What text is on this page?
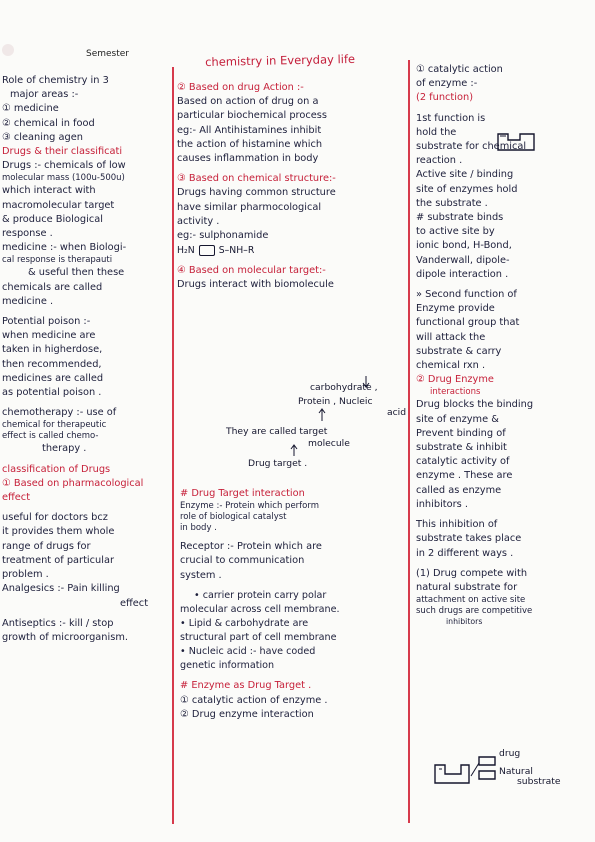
Semester	chemistry in Everyday life
Role of chemistry in 3
major areas :-
① medicine
② chemical in food
③ cleaning agen
Drugs & their classificati
Drugs :- chemicals of low
molecular mass (100u-500u)
which interact with
macromolecular target
& produce Biological
response .
medicine :- when Biologi-
cal response is therapauti
& useful then these
chemicals are called
medicine .
Potential poison :-
when medicine are
taken in higherdose,
then recommended,
medicines are called
as potential poison .
chemotherapy :- use of
chemical for therapeutic
effect is called chemo-
therapy .
classification of Drugs
① Based on pharmacological
effect
useful for doctors bcz
it provides them whole
range of drugs for
treatment of particular
problem .
Analgesics :- Pain killing
effect
Antiseptics :- kill / stop
growth of microorganism.
② Based on drug Action :-
Based on action of drug on a
particular biochemical process
eg:- All Antihistamines inhibit
the action of histamine which
causes inflammation in body
③ Based on chemical structure:-
Drugs having common structure
have similar pharmocological
activity .
eg:- sulphonamide
H₂N	S–NH–R
④ Based on molecular target:-
Drugs interact with biomolecule
carbohydrate ,
Protein , Nucleic
acid
They are called target
molecule
Drug target .
# Drug Target interaction
Enzyme :- Protein which perform
role of biological catalyst
in body .
Receptor :- Protein which are
crucial to communication
system .
• carrier protein carry polar
molecular across cell membrane.
• Lipid & carbohydrate are
structural part of cell membrane
• Nucleic acid :- have coded
genetic information
# Enzyme as Drug Target .
① catalytic action of enzyme .
② Drug enzyme interaction
① catalytic action
of enzyme :-
(2 function)
1st function is
hold the
substrate for chemical
reaction .
Active site / binding
site of enzymes hold
the substrate .
# substrate binds
to active site by
ionic bond, H-Bond,
Vanderwall, dipole-
dipole interaction .
» Second function of
Enzyme provide
functional group that
will attack the
substrate & carry
chemical rxn .
② Drug Enzyme
interactions
Drug blocks the binding
site of enzyme &
Prevent binding of
substrate & inhibit
catalytic activity of
enzyme . These are
called as enzyme
inhibitors .
This inhibition of
substrate takes place
in 2 different ways .
(1) Drug compete with
natural substrate for
attachment on active site
such drugs are competitive
inhibitors
drug
Natural
substrate
